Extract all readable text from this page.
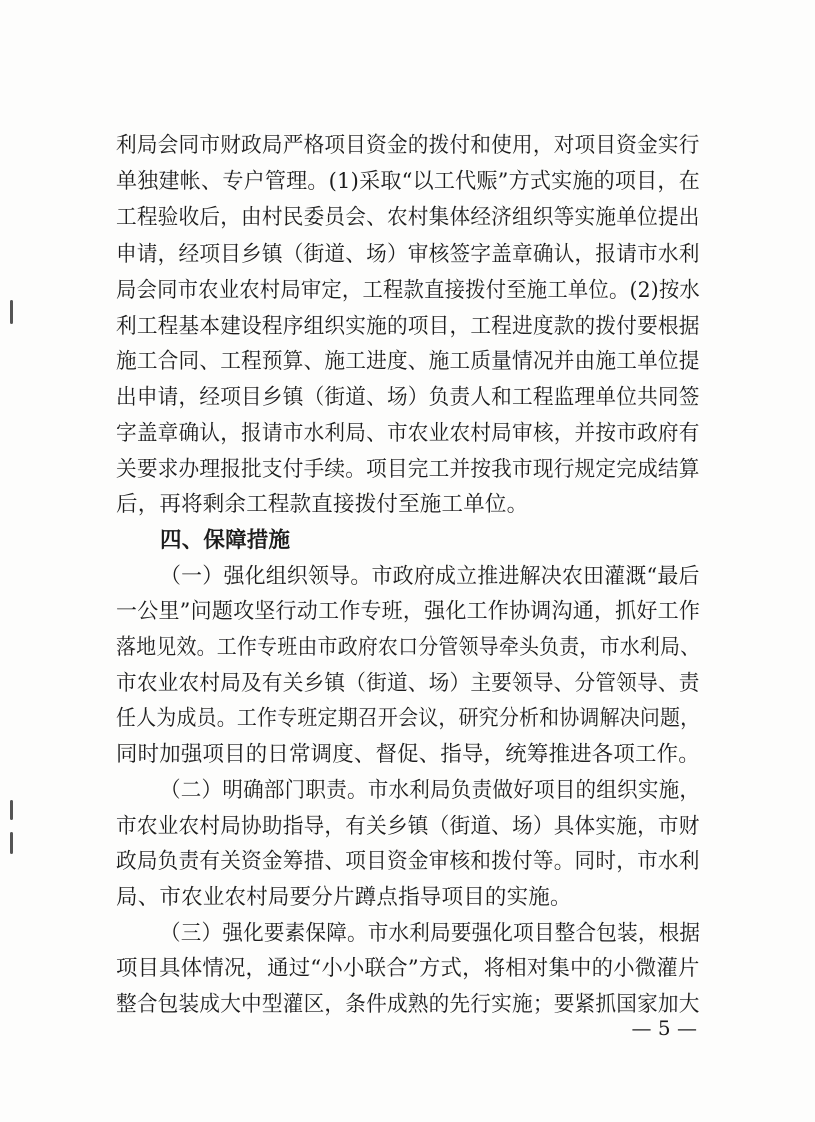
利局会同市财政局严格项目资金的拨付和使用，对项目资金实行
单独建帐、专户管理。(1)采取“以工代赈”方式实施的项目，在
工程验收后，由村民委员会、农村集体经济组织等实施单位提出
申请，经项目乡镇（街道、场）审核签字盖章确认，报请市水利
局会同市农业农村局审定，工程款直接拨付至施工单位。(2)按水
利工程基本建设程序组织实施的项目，工程进度款的拨付要根据
施工合同、工程预算、施工进度、施工质量情况并由施工单位提
出申请，经项目乡镇（街道、场）负责人和工程监理单位共同签
字盖章确认，报请市水利局、市农业农村局审核，并按市政府有
关要求办理报批支付手续。项目完工并按我市现行规定完成结算
后，再将剩余工程款直接拨付至施工单位。
四、保障措施
（一）强化组织领导。市政府成立推进解决农田灌溉“最后
一公里”问题攻坚行动工作专班，强化工作协调沟通，抓好工作
落地见效。工作专班由市政府农口分管领导牵头负责，市水利局、
市农业农村局及有关乡镇（街道、场）主要领导、分管领导、责
任人为成员。工作专班定期召开会议，研究分析和协调解决问题，
同时加强项目的日常调度、督促、指导，统筹推进各项工作。
（二）明确部门职责。市水利局负责做好项目的组织实施，
市农业农村局协助指导，有关乡镇（街道、场）具体实施，市财
政局负责有关资金筹措、项目资金审核和拨付等。同时，市水利
局、市农业农村局要分片蹲点指导项目的实施。
（三）强化要素保障。市水利局要强化项目整合包装，根据
项目具体情况，通过“小小联合”方式，将相对集中的小微灌片
整合包装成大中型灌区，条件成熟的先行实施；要紧抓国家加大
— 5 —
